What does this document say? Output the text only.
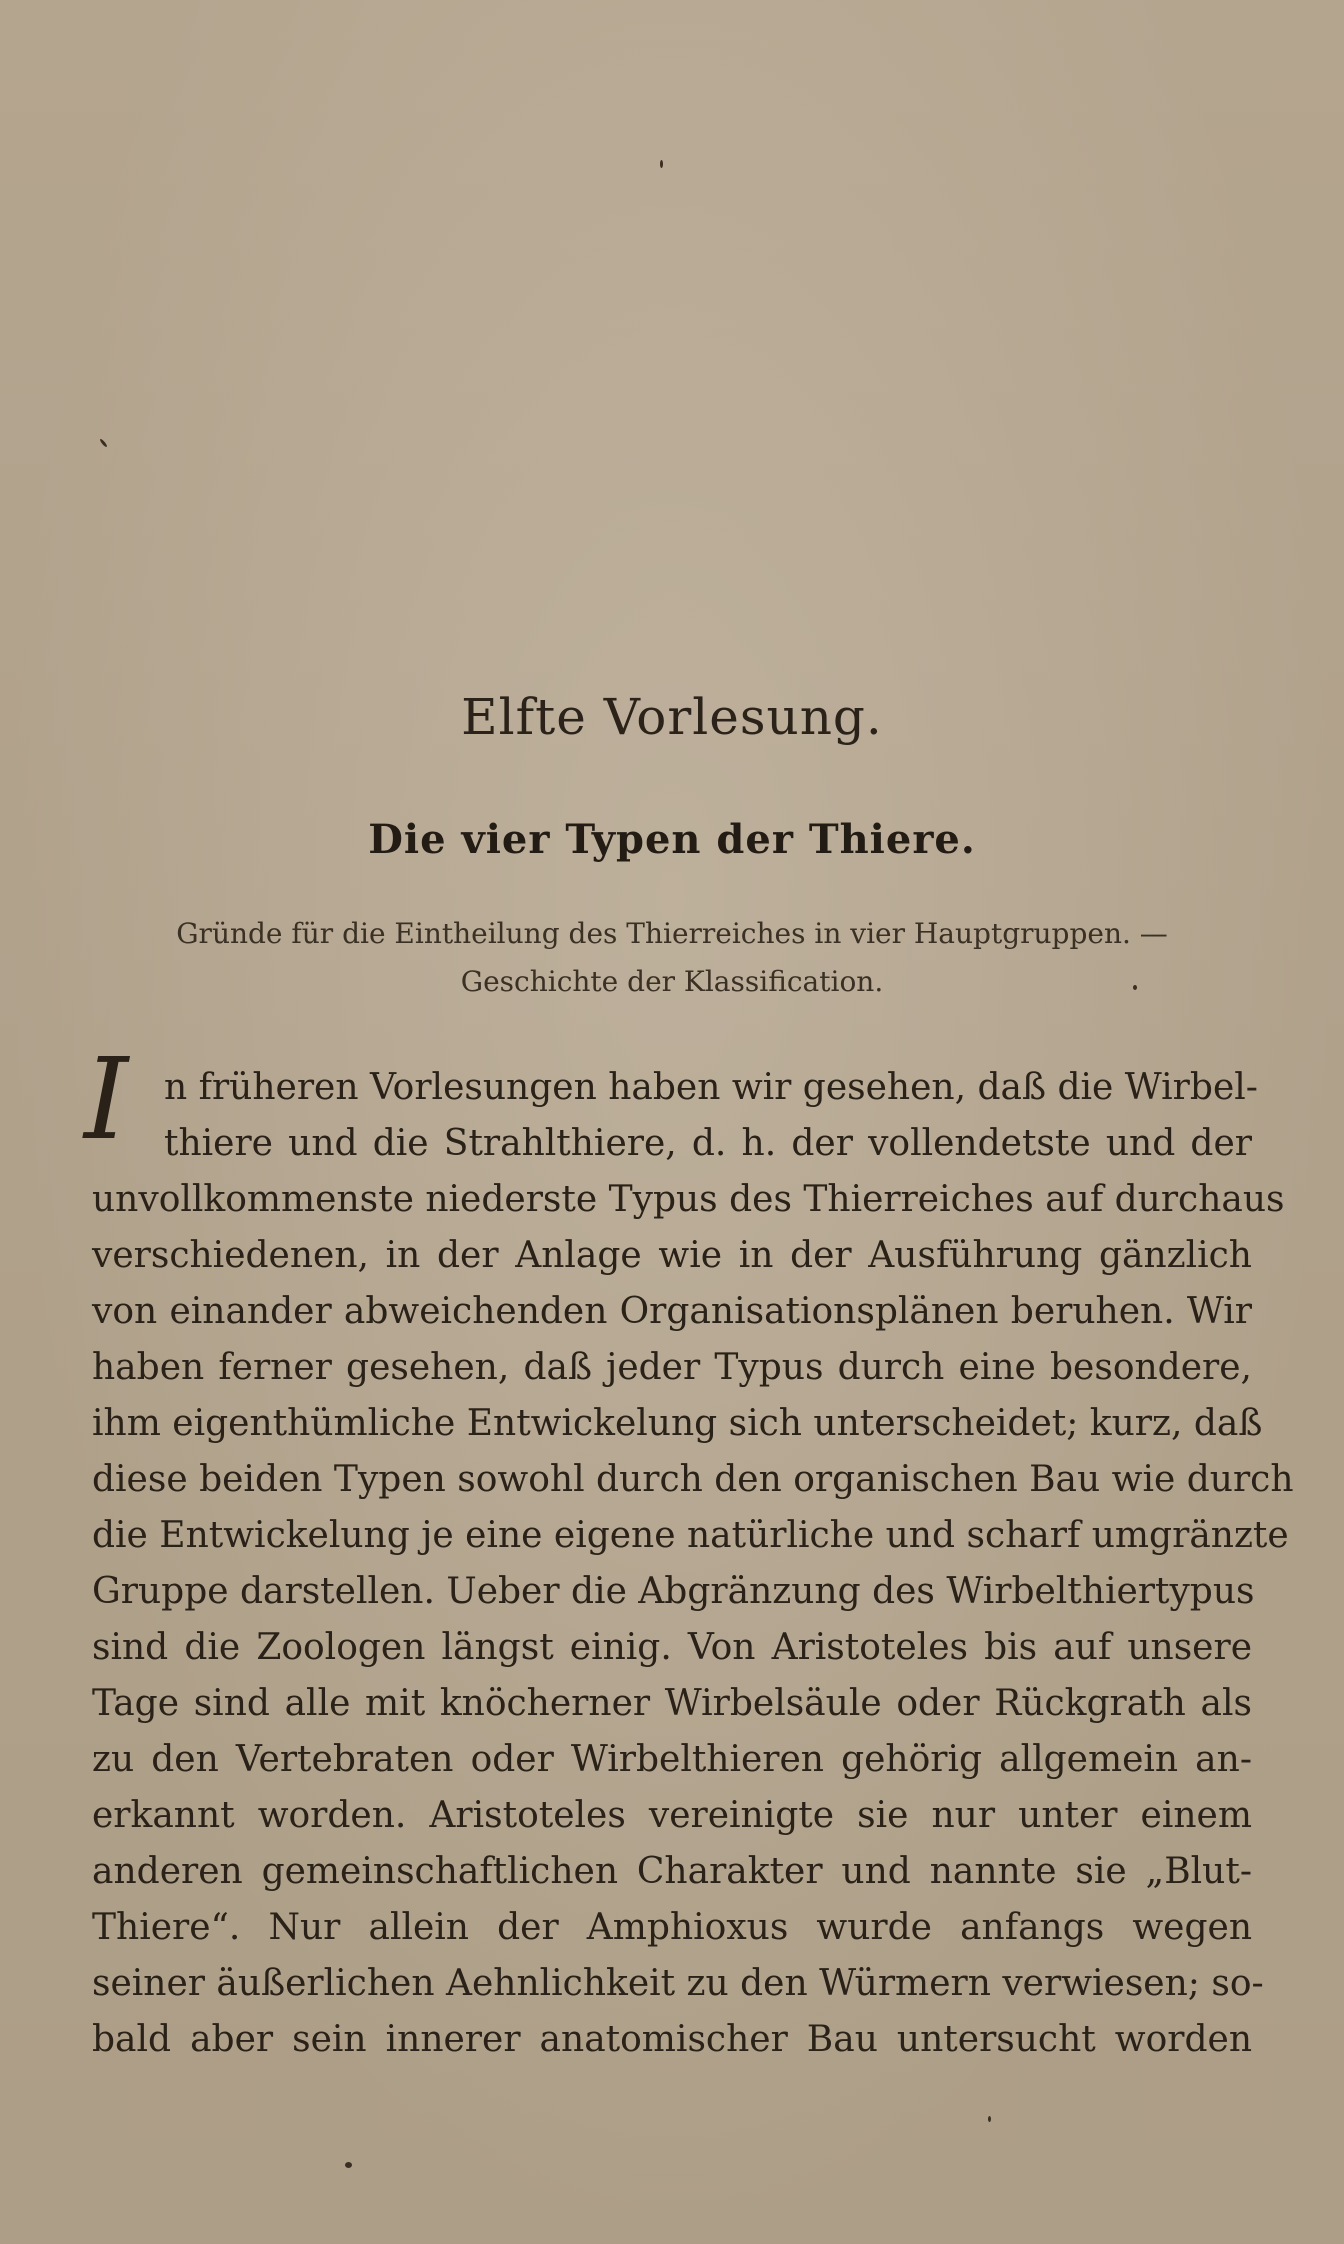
Elfte Vorlesung.
Die vier Typen der Thiere.

Gründe für die Eintheilung des Thierreiches in vier Hauptgruppen. —
Geschichte der Klassification.

I n früheren Vorlesungen haben wir gesehen, daß die Wirbel-
thiere und die Strahlthiere, d. h. der vollendetste und der
unvollkommenste niederste Typus des Thierreiches auf durchaus
verschiedenen, in der Anlage wie in der Ausführung gänzlich
von einander abweichenden Organisationsplänen beruhen. Wir
haben ferner gesehen, daß jeder Typus durch eine besondere,
ihm eigenthümliche Entwickelung sich unterscheidet; kurz, daß
diese beiden Typen sowohl durch den organischen Bau wie durch
die Entwickelung je eine eigene natürliche und scharf umgränzte
Gruppe darstellen. Ueber die Abgränzung des Wirbelthiertypus
sind die Zoologen längst einig. Von Aristoteles bis auf unsere
Tage sind alle mit knöcherner Wirbelsäule oder Rückgrath als
zu den Vertebraten oder Wirbelthieren gehörig allgemein an-
erkannt worden. Aristoteles vereinigte sie nur unter einem
anderen gemeinschaftlichen Charakter und nannte sie „Blut-
Thiere“. Nur allein der Amphioxus wurde anfangs wegen
seiner äußerlichen Aehnlichkeit zu den Würmern verwiesen; so-
bald aber sein innerer anatomischer Bau untersucht worden
